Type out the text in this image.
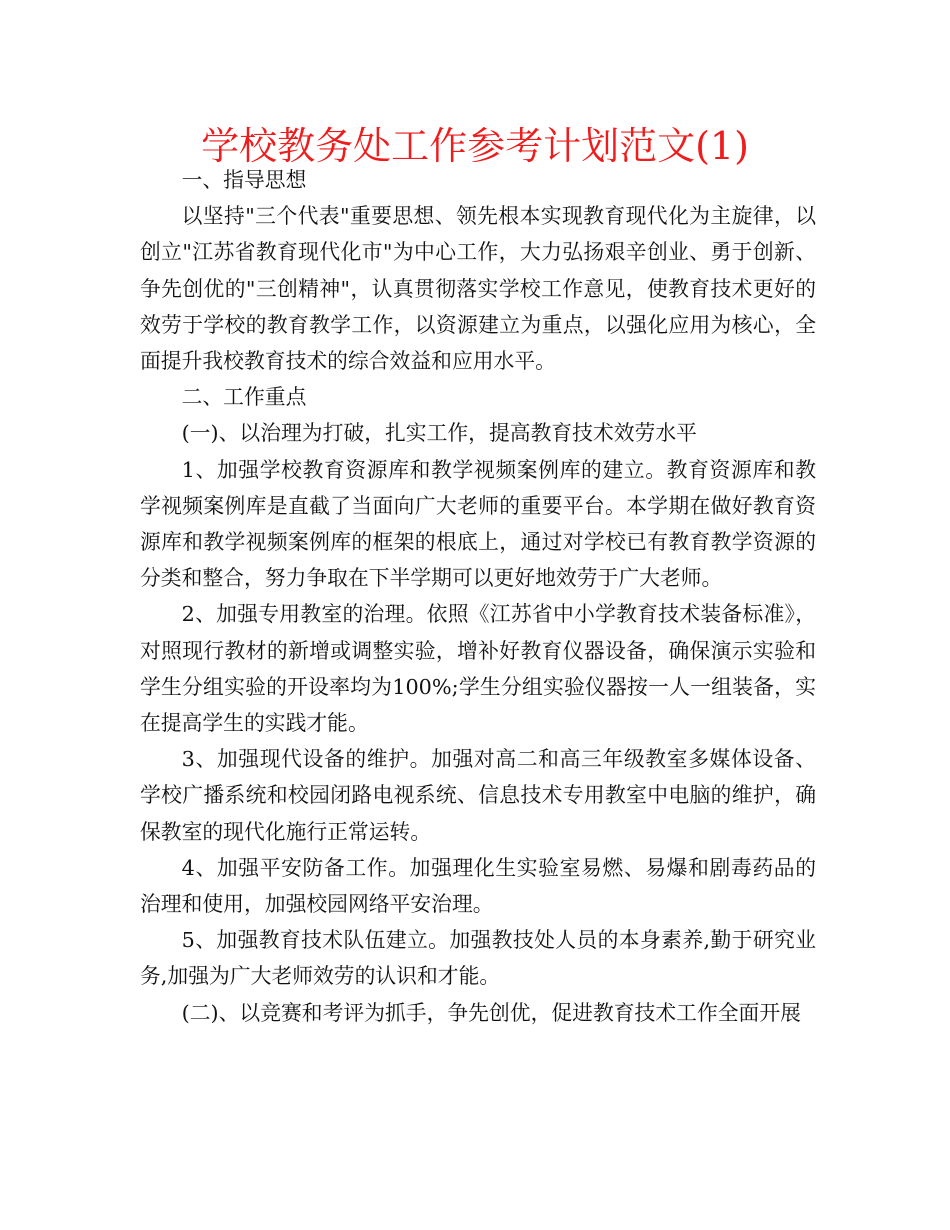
学校教务处工作参考计划范文(1)

一、指导思想

以坚持"三个代表"重要思想、领先根本实现教育现代化为主旋律，以创立"江苏省教育现代化市"为中心工作，大力弘扬艰辛创业、勇于创新、争先创优的"三创精神"，认真贯彻落实学校工作意见，使教育技术更好的效劳于学校的教育教学工作，以资源建立为重点，以强化应用为核心，全面提升我校教育技术的综合效益和应用水平。

二、工作重点

(一)、以治理为打破，扎实工作，提高教育技术效劳水平

1、加强学校教育资源库和教学视频案例库的建立。教育资源库和教学视频案例库是直截了当面向广大老师的重要平台。本学期在做好教育资源库和教学视频案例库的框架的根底上，通过对学校已有教育教学资源的分类和整合，努力争取在下半学期可以更好地效劳于广大老师。

2、加强专用教室的治理。依照《江苏省中小学教育技术装备标准》，对照现行教材的新增或调整实验，增补好教育仪器设备，确保演示实验和学生分组实验的开设率均为100%;学生分组实验仪器按一人一组装备，实在提高学生的实践才能。

3、加强现代设备的维护。加强对高二和高三年级教室多媒体设备、学校广播系统和校园闭路电视系统、信息技术专用教室中电脑的维护，确保教室的现代化施行正常运转。

4、加强平安防备工作。加强理化生实验室易燃、易爆和剧毒药品的治理和使用，加强校园网络平安治理。

5、加强教育技术队伍建立。加强教技处人员的本身素养,勤于研究业务,加强为广大老师效劳的认识和才能。

(二)、以竞赛和考评为抓手，争先创优，促进教育技术工作全面开展
